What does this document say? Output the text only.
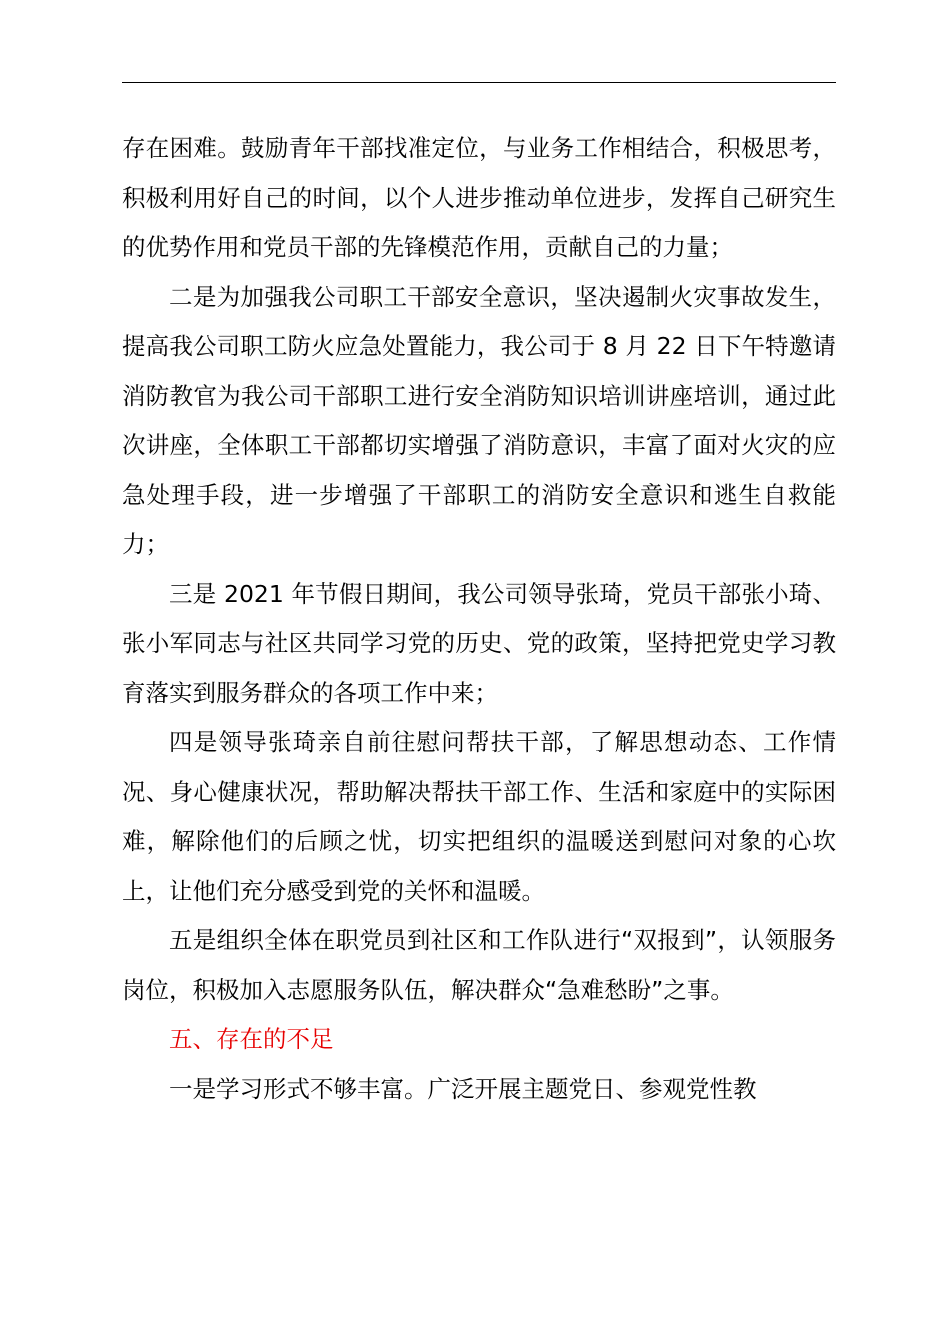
存在困难。鼓励青年干部找准定位，与业务工作相结合，积极思考，积极利用好自己的时间，以个人进步推动单位进步，发挥自己研究生的优势作用和党员干部的先锋模范作用，贡献自己的力量；

二是为加强我公司职工干部安全意识，坚决遏制火灾事故发生，提高我公司职工防火应急处置能力，我公司于 8 月 22 日下午特邀请消防教官为我公司干部职工进行安全消防知识培训讲座培训，通过此次讲座，全体职工干部都切实增强了消防意识，丰富了面对火灾的应急处理手段，进一步增强了干部职工的消防安全意识和逃生自救能力；

三是 2021 年节假日期间，我公司领导张琦，党员干部张小琦、张小军同志与社区共同学习党的历史、党的政策，坚持把党史学习教育落实到服务群众的各项工作中来；

四是领导张琦亲自前往慰问帮扶干部，了解思想动态、工作情况、身心健康状况，帮助解决帮扶干部工作、生活和家庭中的实际困难，解除他们的后顾之忧，切实把组织的温暖送到慰问对象的心坎上，让他们充分感受到党的关怀和温暖。

五是组织全体在职党员到社区和工作队进行“双报到”，认领服务岗位，积极加入志愿服务队伍，解决群众“急难愁盼”之事。

五、存在的不足

一是学习形式不够丰富。广泛开展主题党日、参观党性教
